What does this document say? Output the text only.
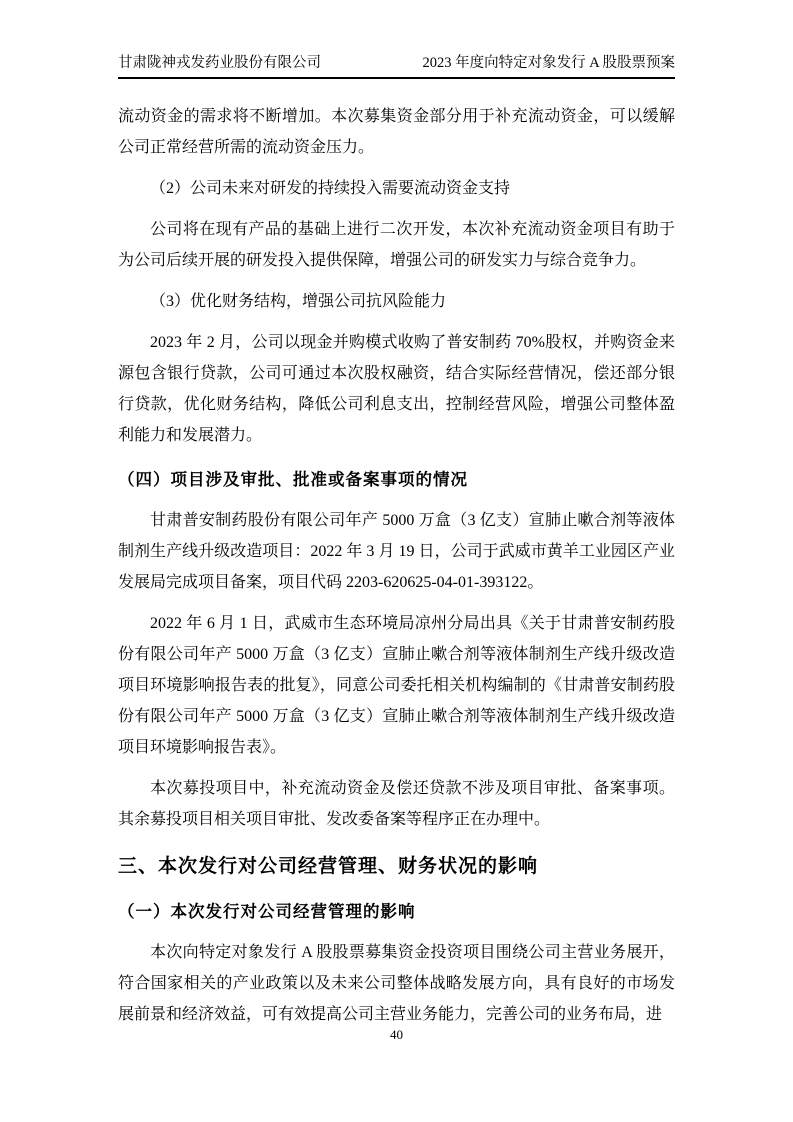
甘肃陇神戎发药业股份有限公司	2023 年度向特定对象发行 A 股股票预案

流动资金的需求将不断增加。本次募集资金部分用于补充流动资金，可以缓解公司正常经营所需的流动资金压力。

（2）公司未来对研发的持续投入需要流动资金支持

公司将在现有产品的基础上进行二次开发，本次补充流动资金项目有助于为公司后续开展的研发投入提供保障，增强公司的研发实力与综合竞争力。

（3）优化财务结构，增强公司抗风险能力

2023 年 2 月，公司以现金并购模式收购了普安制药 70%股权，并购资金来源包含银行贷款，公司可通过本次股权融资，结合实际经营情况，偿还部分银行贷款，优化财务结构，降低公司利息支出，控制经营风险，增强公司整体盈利能力和发展潜力。

（四）项目涉及审批、批准或备案事项的情况

甘肃普安制药股份有限公司年产 5000 万盒（3 亿支）宣肺止嗽合剂等液体制剂生产线升级改造项目：2022 年 3 月 19 日，公司于武威市黄羊工业园区产业发展局完成项目备案，项目代码 2203-620625-04-01-393122。

2022 年 6 月 1 日，武威市生态环境局凉州分局出具《关于甘肃普安制药股份有限公司年产 5000 万盒（3 亿支）宣肺止嗽合剂等液体制剂生产线升级改造项目环境影响报告表的批复》，同意公司委托相关机构编制的《甘肃普安制药股份有限公司年产 5000 万盒（3 亿支）宣肺止嗽合剂等液体制剂生产线升级改造项目环境影响报告表》。

本次募投项目中，补充流动资金及偿还贷款不涉及项目审批、备案事项。其余募投项目相关项目审批、发改委备案等程序正在办理中。

三、本次发行对公司经营管理、财务状况的影响
（一）本次发行对公司经营管理的影响

本次向特定对象发行 A 股股票募集资金投资项目围绕公司主营业务展开，符合国家相关的产业政策以及未来公司整体战略发展方向，具有良好的市场发展前景和经济效益，可有效提高公司主营业务能力，完善公司的业务布局，进

40
